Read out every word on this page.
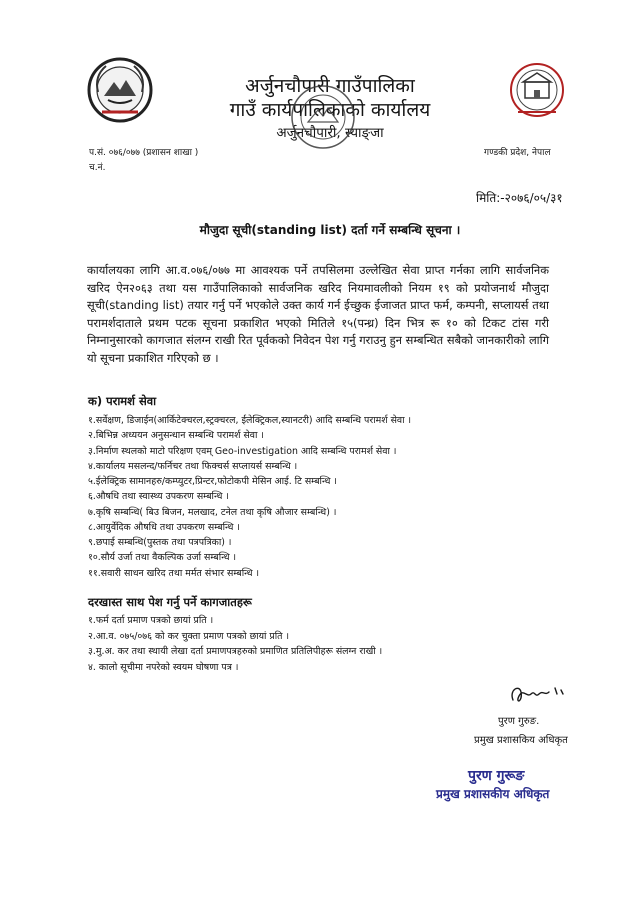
अर्जुनचौपारी गाउँपालिका
गाउँ कार्यपालिकाको कार्यालय
अर्जुनचौपारी, स्याङ्जा
प.सं. ०७६/०७७ (प्रशासन शाखा )
च.नं.
गण्डकी प्रदेश, नेपाल
मिति:-२०७६/०५/३१
मौजुदा सूची(standing list) दर्ता गर्ने सम्बन्धि सूचना ।
कार्यालयका लागि आ.व.०७६/०७७ मा आवश्यक पर्ने तपसिलमा उल्लेखित सेवा प्राप्त गर्नका लागि सार्वजनिक खरिद ऐन२०६३ तथा यस गाउँपालिकाको सार्वजनिक खरिद नियमावलीको नियम १९ को प्रयोजनार्थ मौजुदा सूची(standing list) तयार गर्नु पर्ने भएकोले उक्त कार्य गर्न ईच्छुक ईजाजत प्राप्त फर्म, कम्पनी, सप्लायर्स तथा परामर्शदाताले प्रथम पटक सूचना प्रकाशित भएको मितिले १५(पन्ध्र) दिन भित्र रू १० को टिकट टांस गरी निम्नानुसारको कागजात संलग्न राखी रित पूर्वकको निवेदन पेश गर्नु गराउनु हुन सम्बन्धित सबैको जानकारीको लागि यो सूचना प्रकाशित गरिएको छ ।
क) परामर्श सेवा
१.सर्वेक्षण, डिजाईन(आर्किटेक्चरल,स्ट्रक्चरल, ईलेक्ट्रिकल,स्यानटरी) आदि सम्बन्धि परामर्श सेवा ।
२.बिभिन्न अध्ययन अनुसन्धान सम्बन्धि परामर्श सेवा ।
३.निर्माण स्थलको माटो परिक्षण एवम् Geo-investigation आदि सम्बन्धि परामर्श सेवा ।
४.कार्यालय मसलन्द/फर्निचर तथा फिक्चर्स सप्लायर्स सम्बन्धि ।
५.ईलेक्ट्रिक सामानहरु/कम्प्युटर,प्रिन्टर,फोटोकपी मेसिन आई. टि सम्बन्धि ।
६.औषधि तथा स्वास्थ्य उपकरण सम्बन्धि ।
७.कृषि सम्बन्धि( बिउ बिजन, मलखाद, टनेल तथा कृषि औजार सम्बन्धि) ।
८.आयुर्वेदिक औषधि तथा उपकरण सम्बन्धि ।
९.छपाई सम्बन्धि(पुस्तक तथा पत्रपत्रिका) ।
१०.सौर्य उर्जा तथा वैकल्पिक उर्जा सम्बन्धि ।
११.सवारी साधन खरिद तथा मर्मत संभार सम्बन्धि ।
दरखास्त साथ पेश गर्नु पर्ने कागजातहरू
१.फर्म दर्ता प्रमाण पत्रको छायां प्रति ।
२.आ.व. ०७५/०७६ को कर चुक्ता प्रमाण पत्रको छायां प्रति ।
३.मु.अ. कर तथा स्थायी लेखा दर्ता प्रमाणपत्रहरुको प्रमाणित प्रतिलिपीहरू संलग्न राखी ।
४. कालो सूचीमा नपरेको स्वयम घोषणा पत्र ।
पुरण गुरुङ.
प्रमुख प्रशासकिय अधिकृत
पुरण गुरूङ
प्रमुख प्रशासकीय अधिकृत
